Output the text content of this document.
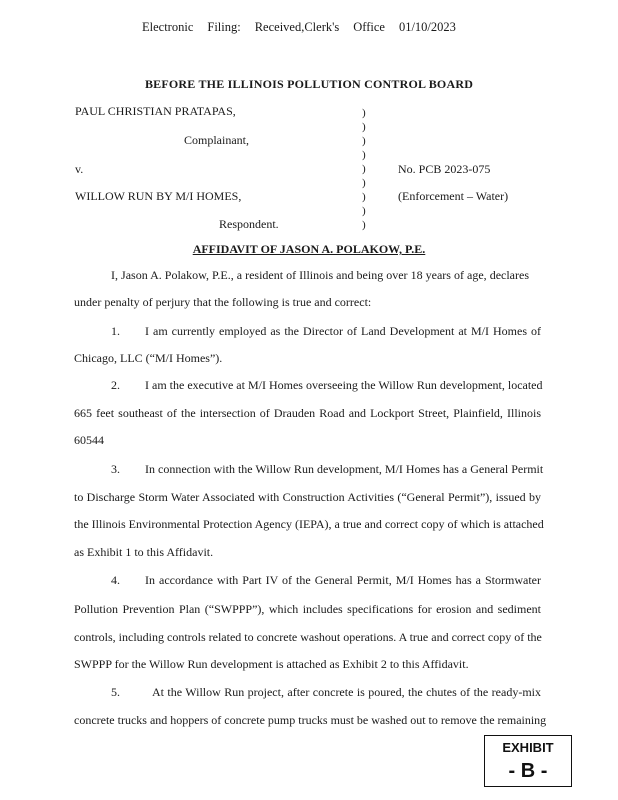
Electronic Filing: Received,Clerk's Office 01/10/2023
BEFORE THE ILLINOIS POLLUTION CONTROL BOARD
PAUL CHRISTIAN PRATAPAS,
Complainant,
v.	No. PCB 2023-075
WILLOW RUN BY M/I HOMES,	(Enforcement – Water)
Respondent.
)
)
)
)
)
)
)
)
)
AFFIDAVIT OF JASON A. POLAKOW, P.E.
I, Jason A. Polakow, P.E., a resident of Illinois and being over 18 years of age, declares
under penalty of perjury that the following is true and correct:
1. I am currently employed as the Director of Land Development at M/I Homes of
Chicago, LLC (“M/I Homes”).
2. I am the executive at M/I Homes overseeing the Willow Run development, located
665 feet southeast of the intersection of Drauden Road and Lockport Street, Plainfield, Illinois
60544
3. In connection with the Willow Run development, M/I Homes has a General Permit
to Discharge Storm Water Associated with Construction Activities (“General Permit”), issued by
the Illinois Environmental Protection Agency (IEPA), a true and correct copy of which is attached
as Exhibit 1 to this Affidavit.
4. In accordance with Part IV of the General Permit, M/I Homes has a Stormwater
Pollution Prevention Plan (“SWPPP”), which includes specifications for erosion and sediment
controls, including controls related to concrete washout operations. A true and correct copy of the
SWPPP for the Willow Run development is attached as Exhibit 2 to this Affidavit.
5.	At the Willow Run project, after concrete is poured, the chutes of the ready-mix
concrete trucks and hoppers of concrete pump trucks must be washed out to remove the remaining
EXHIBIT
- B -
